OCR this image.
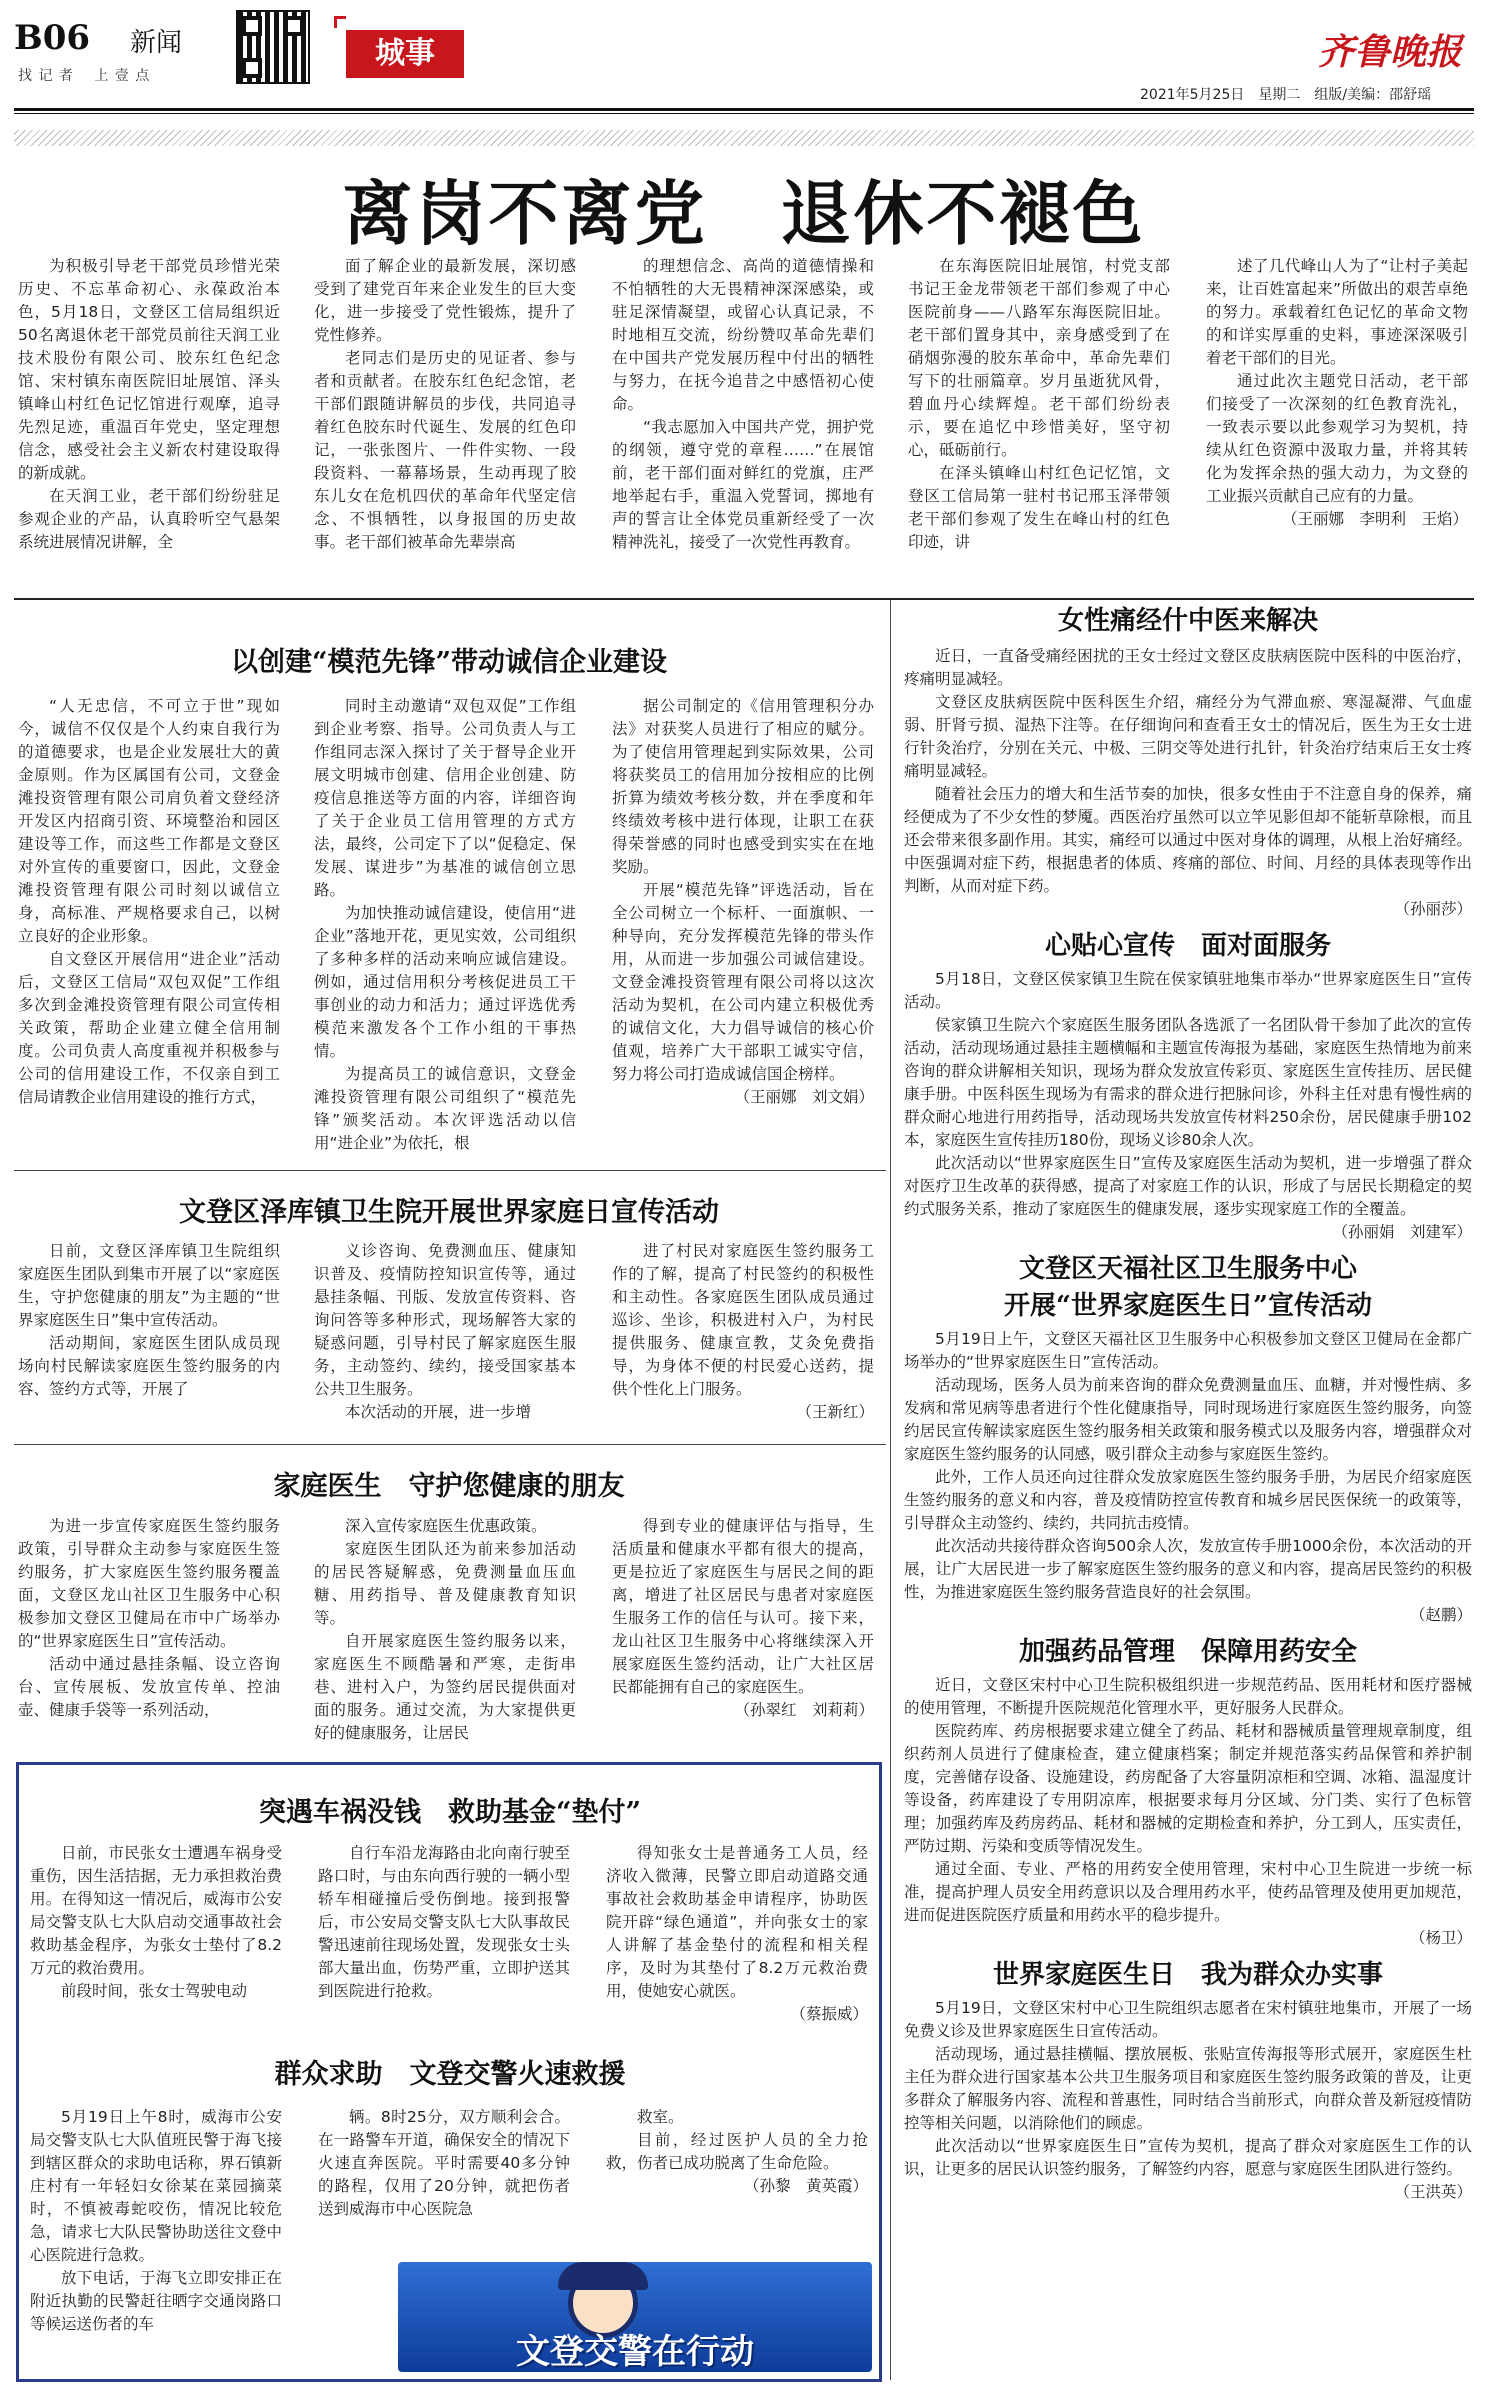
B06 新闻
找 记 者　 上 壹 点
城事	齐鲁晚报
2021年5月25日　 星期二　 组版/美编：邵舒瑶
离岗不离党　退休不褪色

为积极引导老干部党员珍惜光荣历史、不忘革命初心、永葆政治本色，5月18日，文登区工信局组织近50名离退休老干部党员前往天润工业技术股份有限公司、胶东红色纪念馆、宋村镇东南医院旧址展馆、泽头镇峰山村红色记忆馆进行观摩，追寻先烈足迹，重温百年党史，坚定理想信念，感受社会主义新农村建设取得的新成就。

在天润工业，老干部们纷纷驻足参观企业的产品，认真聆听空气悬架系统进展情况讲解，全

面了解企业的最新发展，深切感受到了建党百年来企业发生的巨大变化，进一步接受了党性锻炼，提升了党性修养。

老同志们是历史的见证者、参与者和贡献者。在胶东红色纪念馆，老干部们跟随讲解员的步伐，共同追寻着红色胶东时代诞生、发展的红色印记，一张张图片、一件件实物、一段段资料、一幕幕场景，生动再现了胶东儿女在危机四伏的革命年代坚定信念、不惧牺牲，以身报国的历史故事。老干部们被革命先辈崇高

的理想信念、高尚的道德情操和不怕牺牲的大无畏精神深深感染，或驻足深情凝望，或留心认真记录，不时地相互交流，纷纷赞叹革命先辈们在中国共产党发展历程中付出的牺牲与努力，在抚今追昔之中感悟初心使命。

“我志愿加入中国共产党，拥护党的纲领，遵守党的章程……”在展馆前，老干部们面对鲜红的党旗，庄严地举起右手，重温入党誓词，掷地有声的誓言让全体党员重新经受了一次精神洗礼，接受了一次党性再教育。

在东海医院旧址展馆，村党支部书记王金龙带领老干部们参观了中心医院前身——八路军东海医院旧址。老干部们置身其中，亲身感受到了在硝烟弥漫的胶东革命中，革命先辈们写下的壮丽篇章。岁月虽逝犹风骨，碧血丹心续辉煌。老干部们纷纷表示，要在追忆中珍惜美好，坚守初心，砥砺前行。

在泽头镇峰山村红色记忆馆，文登区工信局第一驻村书记邢玉泽带领老干部们参观了发生在峰山村的红色印迹，讲

述了几代峰山人为了“让村子美起来，让百姓富起来”所做出的艰苦卓绝的努力。承载着红色记忆的革命文物的和详实厚重的史料，事迹深深吸引着老干部们的目光。

通过此次主题党日活动，老干部们接受了一次深刻的红色教育洗礼，一致表示要以此参观学习为契机，持续从红色资源中汲取力量，并将其转化为发挥余热的强大动力，为文登的工业振兴贡献自己应有的力量。

（王丽娜　李明利　王焰）

以创建“模范先锋”带动诚信企业建设

“人无忠信，不可立于世”现如今，诚信不仅仅是个人约束自我行为的道德要求，也是企业发展壮大的黄金原则。作为区属国有公司，文登金滩投资管理有限公司肩负着文登经济开发区内招商引资、环境整治和园区建设等工作，而这些工作都是文登区对外宣传的重要窗口，因此，文登金滩投资管理有限公司时刻以诚信立身，高标准、严规格要求自己，以树立良好的企业形象。

自文登区开展信用“进企业”活动后，文登区工信局“双包双促”工作组多次到金滩投资管理有限公司宣传相关政策，帮助企业建立健全信用制度。公司负责人高度重视并积极参与公司的信用建设工作，不仅亲自到工信局请教企业信用建设的推行方式，

同时主动邀请“双包双促”工作组到企业考察、指导。公司负责人与工作组同志深入探讨了关于督导企业开展文明城市创建、信用企业创建、防疫信息推送等方面的内容，详细咨询了关于企业员工信用管理的方式方法，最终，公司定下了以“促稳定、保发展、谋进步”为基准的诚信创立思路。

为加快推动诚信建设，使信用“进企业”落地开花，更见实效，公司组织了多种多样的活动来响应诚信建设。例如，通过信用积分考核促进员工干事创业的动力和活力；通过评选优秀模范来激发各个工作小组的干事热情。

为提高员工的诚信意识，文登金滩投资管理有限公司组织了“模范先锋”颁奖活动。本次评选活动以信用“进企业”为依托，根

据公司制定的《信用管理积分办法》对获奖人员进行了相应的赋分。为了使信用管理起到实际效果，公司将获奖员工的信用加分按相应的比例折算为绩效考核分数，并在季度和年终绩效考核中进行体现，让职工在获得荣誉感的同时也感受到实实在在地奖励。

开展“模范先锋”评选活动，旨在全公司树立一个标杆、一面旗帜、一种导向，充分发挥模范先锋的带头作用，从而进一步加强公司诚信建设。文登金滩投资管理有限公司将以这次活动为契机，在公司内建立积极优秀的诚信文化，大力倡导诚信的核心价值观，培养广大干部职工诚实守信，努力将公司打造成诚信国企榜样。

（王丽娜　刘文娟）

文登区泽库镇卫生院开展世界家庭日宣传活动

日前，文登区泽库镇卫生院组织家庭医生团队到集市开展了以“家庭医生，守护您健康的朋友”为主题的“世界家庭医生日”集中宣传活动。

活动期间，家庭医生团队成员现场向村民解读家庭医生签约服务的内容、签约方式等，开展了

义诊咨询、免费测血压、健康知识普及、疫情防控知识宣传等，通过悬挂条幅、刊版、发放宣传资料、咨询问答等多种形式，现场解答大家的疑惑问题，引导村民了解家庭医生服务，主动签约、续约，接受国家基本公共卫生服务。

本次活动的开展，进一步增

进了村民对家庭医生签约服务工作的了解，提高了村民签约的积极性和主动性。各家庭医生团队成员通过巡诊、坐诊，积极进村入户，为村民提供服务、健康宣教，艾灸免费指导，为身体不便的村民爱心送药，提供个性化上门服务。

（王新红）

家庭医生　守护您健康的朋友

为进一步宣传家庭医生签约服务政策，引导群众主动参与家庭医生签约服务，扩大家庭医生签约服务覆盖面，文登区龙山社区卫生服务中心积极参加文登区卫健局在市中广场举办的“世界家庭医生日”宣传活动。

活动中通过悬挂条幅、设立咨询台、宣传展板、发放宣传单、控油壶、健康手袋等一系列活动，

深入宣传家庭医生优惠政策。

家庭医生团队还为前来参加活动的居民答疑解惑，免费测量血压血糖、用药指导、普及健康教育知识等。

自开展家庭医生签约服务以来，家庭医生不顾酷暑和严寒，走街串巷、进村入户，为签约居民提供面对面的服务。通过交流，为大家提供更好的健康服务，让居民

得到专业的健康评估与指导，生活质量和健康水平都有很大的提高，更是拉近了家庭医生与居民之间的距离，增进了社区居民与患者对家庭医生服务工作的信任与认可。接下来，龙山社区卫生服务中心将继续深入开展家庭医生签约活动，让广大社区居民都能拥有自己的家庭医生。

（孙翠红　刘莉莉）

突遇车祸没钱　救助基金“垫付”

日前，市民张女士遭遇车祸身受重伤，因生活拮据，无力承担救治费用。在得知这一情况后，威海市公安局交警支队七大队启动交通事故社会救助基金程序，为张女士垫付了8.2万元的救治费用。

前段时间，张女士驾驶电动

自行车沿龙海路由北向南行驶至路口时，与由东向西行驶的一辆小型轿车相碰撞后受伤倒地。接到报警后，市公安局交警支队七大队事故民警迅速前往现场处置，发现张女士头部大量出血，伤势严重，立即护送其到医院进行抢救。

得知张女士是普通务工人员，经济收入微薄，民警立即启动道路交通事故社会救助基金申请程序，协助医院开辟“绿色通道”，并向张女士的家人讲解了基金垫付的流程和相关程序，及时为其垫付了8.2万元救治费用，使她安心就医。

（蔡振威）

群众求助　文登交警火速救援

5月19日上午8时，威海市公安局交警支队七大队值班民警于海飞接到辖区群众的求助电话称，界石镇新庄村有一年轻妇女徐某在菜园摘菜时，不慎被毒蛇咬伤，情况比较危急，请求七大队民警协助送往文登中心医院进行急救。

放下电话，于海飞立即安排正在附近执勤的民警赶往晒字交通岗路口等候运送伤者的车

辆。8时25分，双方顺利会合。在一路警车开道，确保安全的情况下火速直奔医院。平时需要40多分钟的路程，仅用了20分钟，就把伤者送到威海市中心医院急

救室。

目前，经过医护人员的全力抢救，伤者已成功脱离了生命危险。

（孙黎　黄英霞）

文登交警在行动
女性痛经什中医来解决

近日，一直备受痛经困扰的王女士经过文登区皮肤病医院中医科的中医治疗，疼痛明显减轻。

文登区皮肤病医院中医科医生介绍，痛经分为气滞血瘀、寒湿凝滞、气血虚弱、肝肾亏损、湿热下注等。在仔细询问和查看王女士的情况后，医生为王女士进行针灸治疗，分别在关元、中极、三阴交等处进行扎针，针灸治疗结束后王女士疼痛明显减轻。

随着社会压力的增大和生活节奏的加快，很多女性由于不注意自身的保养，痛经便成为了不少女性的梦魇。西医治疗虽然可以立竿见影但却不能斩草除根，而且还会带来很多副作用。其实，痛经可以通过中医对身体的调理，从根上治好痛经。中医强调对症下药，根据患者的体质、疼痛的部位、时间、月经的具体表现等作出判断，从而对症下药。

（孙丽莎）

心贴心宣传　面对面服务

5月18日，文登区侯家镇卫生院在侯家镇驻地集市举办“世界家庭医生日”宣传活动。

侯家镇卫生院六个家庭医生服务团队各选派了一名团队骨干参加了此次的宣传活动，活动现场通过悬挂主题横幅和主题宣传海报为基础，家庭医生热情地为前来咨询的群众讲解相关知识，现场为群众发放宣传彩页、家庭医生宣传挂历、居民健康手册。中医科医生现场为有需求的群众进行把脉问诊，外科主任对患有慢性病的群众耐心地进行用药指导，活动现场共发放宣传材料250余份，居民健康手册102本，家庭医生宣传挂历180份，现场义诊80余人次。

此次活动以“世界家庭医生日”宣传及家庭医生活动为契机，进一步增强了群众对医疗卫生改革的获得感，提高了对家庭工作的认识，形成了与居民长期稳定的契约式服务关系，推动了家庭医生的健康发展，逐步实现家庭工作的全覆盖。

（孙丽娟　刘建军）

文登区天福社区卫生服务中心
开展“世界家庭医生日”宣传活动

5月19日上午，文登区天福社区卫生服务中心积极参加文登区卫健局在金都广场举办的“世界家庭医生日”宣传活动。

活动现场，医务人员为前来咨询的群众免费测量血压、血糖，并对慢性病、多发病和常见病等患者进行个性化健康指导，同时现场进行家庭医生签约服务，向签约居民宣传解读家庭医生签约服务相关政策和服务模式以及服务内容，增强群众对家庭医生签约服务的认同感，吸引群众主动参与家庭医生签约。

此外，工作人员还向过往群众发放家庭医生签约服务手册，为居民介绍家庭医生签约服务的意义和内容，普及疫情防控宣传教育和城乡居民医保统一的政策等，引导群众主动签约、续约，共同抗击疫情。

此次活动共接待群众咨询500余人次，发放宣传手册1000余份，本次活动的开展，让广大居民进一步了解家庭医生签约服务的意义和内容，提高居民签约的积极性，为推进家庭医生签约服务营造良好的社会氛围。

（赵鹏）

加强药品管理　保障用药安全

近日，文登区宋村中心卫生院积极组织进一步规范药品、医用耗材和医疗器械的使用管理，不断提升医院规范化管理水平，更好服务人民群众。

医院药库、药房根据要求建立健全了药品、耗材和器械质量管理规章制度，组织药剂人员进行了健康检查，建立健康档案；制定并规范落实药品保管和养护制度，完善储存设备、设施建设，药房配备了大容量阴凉柜和空调、冰箱、温湿度计等设备，药库建设了专用阴凉库，根据要求每月分区域、分门类、实行了色标管理；加强药库及药房药品、耗材和器械的定期检查和养护，分工到人，压实责任，严防过期、污染和变质等情况发生。

通过全面、专业、严格的用药安全使用管理，宋村中心卫生院进一步统一标准，提高护理人员安全用药意识以及合理用药水平，使药品管理及使用更加规范，进而促进医院医疗质量和用药水平的稳步提升。

（杨卫）

世界家庭医生日　我为群众办实事

5月19日，文登区宋村中心卫生院组织志愿者在宋村镇驻地集市，开展了一场免费义诊及世界家庭医生日宣传活动。

活动现场，通过悬挂横幅、摆放展板、张贴宣传海报等形式展开，家庭医生杜主任为群众进行国家基本公共卫生服务项目和家庭医生签约服务政策的普及，让更多群众了解服务内容、流程和普惠性，同时结合当前形式，向群众普及新冠疫情防控等相关问题，以消除他们的顾虑。

此次活动以“世界家庭医生日”宣传为契机，提高了群众对家庭医生工作的认识，让更多的居民认识签约服务，了解签约内容，愿意与家庭医生团队进行签约。

（王洪英）
